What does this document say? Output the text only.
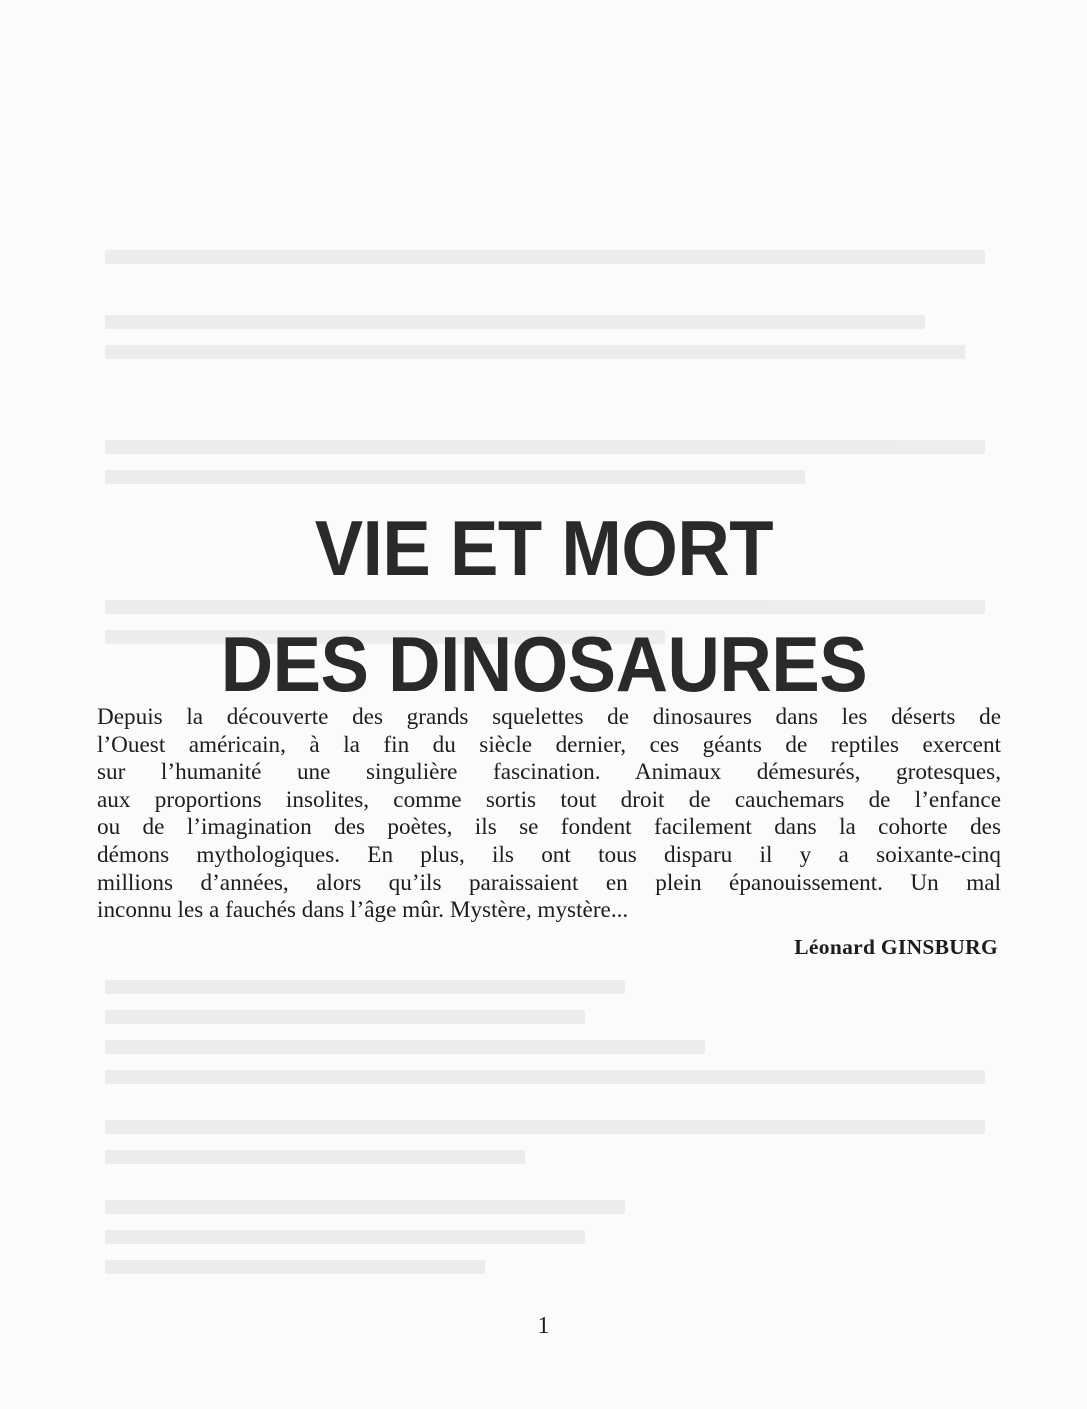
VIE ET MORT
DES DINOSAURES
Depuis la découverte des grands squelettes de dinosaures dans les déserts de
l’Ouest américain, à la fin du siècle dernier, ces géants de reptiles exercent
sur l’humanité une singulière fascination. Animaux démesurés, grotesques,
aux proportions insolites, comme sortis tout droit de cauchemars de l’enfance
ou de l’imagination des poètes, ils se fondent facilement dans la cohorte des
démons mythologiques. En plus, ils ont tous disparu il y a soixante-cinq
millions d’années, alors qu’ils paraissaient en plein épanouissement. Un mal
inconnu les a fauchés dans l’âge mûr. Mystère, mystère...
Léonard GINSBURG
1
